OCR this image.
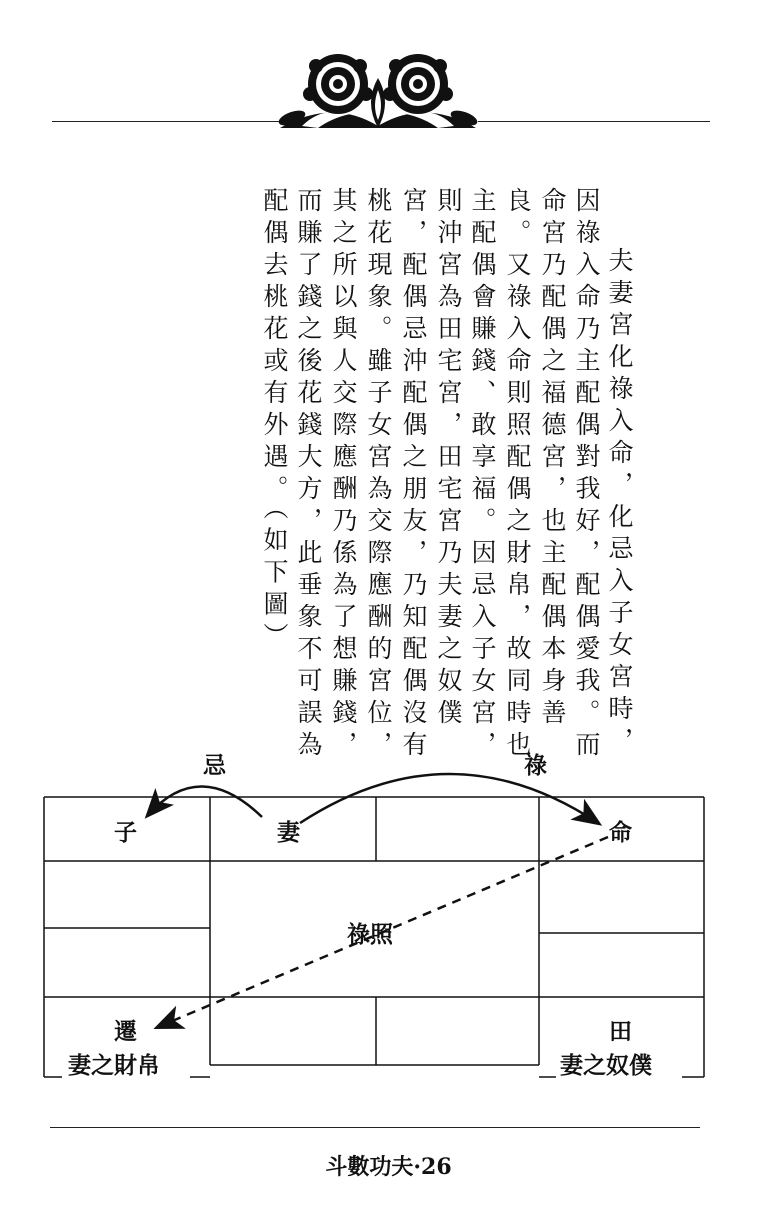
夫妻宮化祿入命，化忌入子女宮時，
因祿入命乃主配偶對我好，配偶愛我。而
命宮乃配偶之福德宮，也主配偶本身善
良。又祿入命則照配偶之財帛，故同時也
主配偶會賺錢、敢享福。因忌入子女宮，
則沖宮為田宅宮，田宅宮乃夫妻之奴僕
宮，配偶忌沖配偶之朋友，乃知配偶沒有
桃花現象。雖子女宮為交際應酬的宮位，
其之所以與人交際應酬乃係為了想賺錢，
而賺了錢之後花錢大方，此垂象不可誤為
配偶去桃花或有外遇。（如下圖）
忌	祿
子	妻	命
祿照
遷	田
妻之財帛	妻之奴僕
斗數功夫·26
